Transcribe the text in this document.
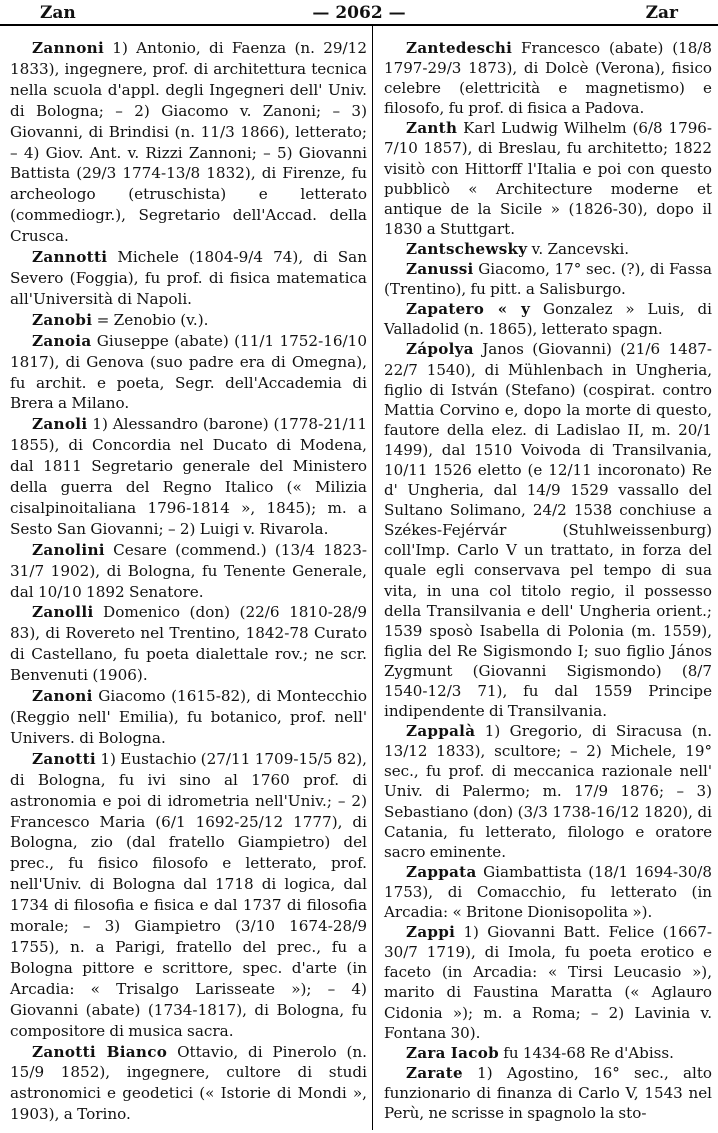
Zan	— 2062 —	Zar

Zannoni 1) Antonio, di Faenza (n. 29/12 1833), ingegnere, prof. di architettura tecnica nella scuola d'appl. degli Ingegneri dell' Univ. di Bologna; – 2) Giacomo v. Zanoni; – 3) Giovanni, di Brindisi (n. 11/3 1866), letterato; – 4) Giov. Ant. v. Rizzi Zannoni; – 5) Giovanni Battista (29/3 1774-13/8 1832), di Firenze, fu archeologo (etruschista) e letterato (commediogr.), Segretario dell'Accad. della Crusca.

Zannotti Michele (1804-9/4 74), di San Severo (Foggia), fu prof. di fisica matematica all'Università di Napoli.

Zanobi = Zenobio (v.).

Zanoia Giuseppe (abate) (11/1 1752-16/10 1817), di Genova (suo padre era di Omegna), fu archit. e poeta, Segr. dell'Accademia di Brera a Milano.

Zanoli 1) Alessandro (barone) (1778-21/11 1855), di Concordia nel Ducato di Modena, dal 1811 Segretario generale del Ministero della guerra del Regno Italico (« Milizia cisalpinoitaliana 1796-1814 », 1845); m. a Sesto San Giovanni; – 2) Luigi v. Rivarola.

Zanolini Cesare (commend.) (13/4 1823-31/7 1902), di Bologna, fu Tenente Generale, dal 10/10 1892 Senatore.

Zanolli Domenico (don) (22/6 1810-28/9 83), di Rovereto nel Trentino, 1842-78 Curato di Castellano, fu poeta dialettale rov.; ne scr. Benvenuti (1906).

Zanoni Giacomo (1615-82), di Montecchio (Reggio nell' Emilia), fu botanico, prof. nell' Univers. di Bologna.

Zanotti 1) Eustachio (27/11 1709-15/5 82), di Bologna, fu ivi sino al 1760 prof. di astronomia e poi di idrometria nell'Univ.; – 2) Francesco Maria (6/1 1692-25/12 1777), di Bologna, zio (dal fratello Giampietro) del prec., fu fisico filosofo e letterato, prof. nell'Univ. di Bologna dal 1718 di logica, dal 1734 di filosofia e fisica e dal 1737 di filosofia morale; – 3) Giampietro (3/10 1674-28/9 1755), n. a Parigi, fratello del prec., fu a Bologna pittore e scrittore, spec. d'arte (in Arcadia: « Trisalgo Larisseate »); – 4) Giovanni (abate) (1734-1817), di Bologna, fu compositore di musica sacra.

Zanotti Bianco Ottavio, di Pinerolo (n. 15/9 1852), ingegnere, cultore di studi astronomici e geodetici (« Istorie di Mondi », 1903), a Torino.

Zantedeschi Francesco (abate) (18/8 1797-29/3 1873), di Dolcè (Verona), fisico celebre (elettricità e magnetismo) e filosofo, fu prof. di fisica a Padova.

Zanth Karl Ludwig Wilhelm (6/8 1796-7/10 1857), di Breslau, fu architetto; 1822 visitò con Hittorff l'Italia e poi con questo pubblicò « Architecture moderne et antique de la Sicile » (1826-30), dopo il 1830 a Stuttgart.

Zantschewsky v. Zancevski.

Zanussi Giacomo, 17° sec. (?), di Fassa (Trentino), fu pitt. a Salisburgo.

Zapatero « y Gonzalez » Luis, di Valladolid (n. 1865), letterato spagn.

Zápolya Janos (Giovanni) (21/6 1487-22/7 1540), di Mühlenbach in Ungheria, figlio di István (Stefano) (cospirat. contro Mattia Corvino e, dopo la morte di questo, fautore della elez. di Ladislao II, m. 20/1 1499), dal 1510 Voivoda di Transilvania, 10/11 1526 eletto (e 12/11 incoronato) Re d' Ungheria, dal 14/9 1529 vassallo del Sultano Solimano, 24/2 1538 conchiuse a Székes-Fejérvár (Stuhlweissenburg) coll'Imp. Carlo V un trattato, in forza del quale egli conservava pel tempo di sua vita, in una col titolo regio, il possesso della Transilvania e dell' Ungheria orient.; 1539 sposò Isabella di Polonia (m. 1559), figlia del Re Sigismondo I; suo figlio János Zygmunt (Giovanni Sigismondo) (8/7 1540-12/3 71), fu dal 1559 Principe indipendente di Transilvania.

Zappalà 1) Gregorio, di Siracusa (n. 13/12 1833), scultore; – 2) Michele, 19° sec., fu prof. di meccanica razionale nell' Univ. di Palermo; m. 17/9 1876; – 3) Sebastiano (don) (3/3 1738-16/12 1820), di Catania, fu letterato, filologo e oratore sacro eminente.

Zappata Giambattista (18/1 1694-30/8 1753), di Comacchio, fu letterato (in Arcadia: « Britone Dionisopolita »).

Zappi 1) Giovanni Batt. Felice (1667-30/7 1719), di Imola, fu poeta erotico e faceto (in Arcadia: « Tirsi Leucasio »), marito di Faustina Maratta (« Aglauro Cidonia »); m. a Roma; – 2) Lavinia v. Fontana 30).

Zara Iacob fu 1434-68 Re d'Abiss.

Zarate 1) Agostino, 16° sec., alto funzionario di finanza di Carlo V, 1543 nel Perù, ne scrisse in spagnolo la sto-
